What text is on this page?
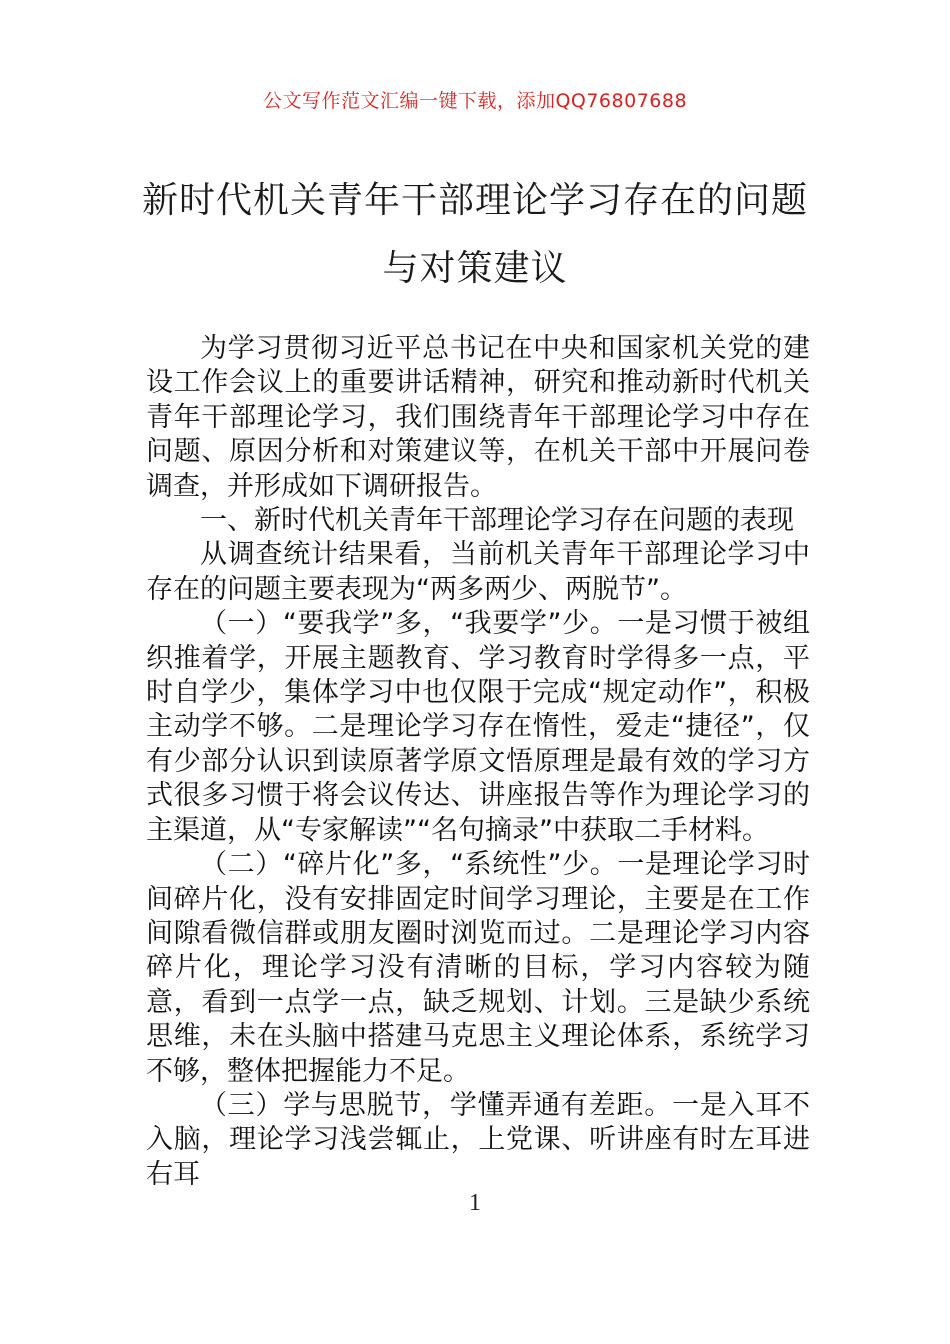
公文写作范文汇编一键下载，添加QQ76807688
新时代机关青年干部理论学习存在的问题
与对策建议

为学习贯彻习近平总书记在中央和国家机关党的建设工作会议上的重要讲话精神，研究和推动新时代机关青年干部理论学习，我们围绕青年干部理论学习中存在问题、原因分析和对策建议等，在机关干部中开展问卷调查，并形成如下调研报告。

一、新时代机关青年干部理论学习存在问题的表现

从调查统计结果看，当前机关青年干部理论学习中存在的问题主要表现为“两多两少、两脱节”。

（一）“要我学”多，“我要学”少。一是习惯于被组织推着学，开展主题教育、学习教育时学得多一点，平时自学少，集体学习中也仅限于完成“规定动作”，积极主动学不够。二是理论学习存在惰性，爱走“捷径”，仅有少部分认识到读原著学原文悟原理是最有效的学习方式很多习惯于将会议传达、讲座报告等作为理论学习的主渠道，从“专家解读”“名句摘录”中获取二手材料。

（二）“碎片化”多，“系统性”少。一是理论学习时间碎片化，没有安排固定时间学习理论，主要是在工作间隙看微信群或朋友圈时浏览而过。二是理论学习内容碎片化，理论学习没有清晰的目标，学习内容较为随意，看到一点学一点，缺乏规划、计划。三是缺少系统思维，未在头脑中搭建马克思主义理论体系，系统学习不够，整体把握能力不足。

（三）学与思脱节，学懂弄通有差距。一是入耳不入脑，理论学习浅尝辄止，上党课、听讲座有时左耳进右耳

1
